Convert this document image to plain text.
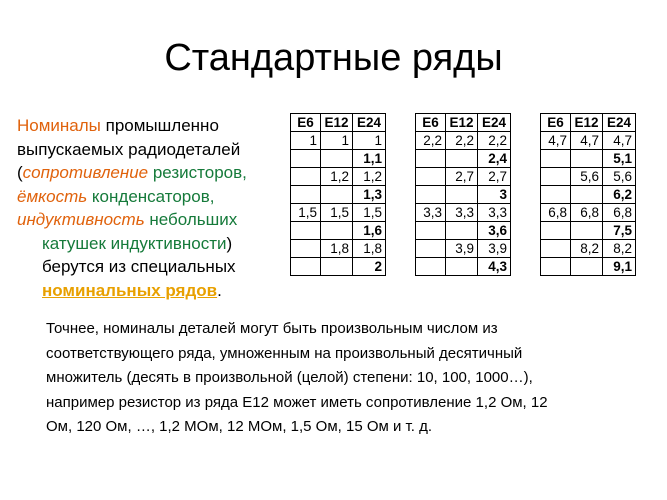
Стандартные ряды
Номиналы промышленно
выпускаемых радиодеталей
(сопротивление резисторов,
ёмкость конденсаторов,
индуктивность небольших
катушек индуктивности)
берутся из специальных
номинальных рядов.
E6	E12	E24
1	1	1
		1,1
	1,2	1,2
		1,3
1,5	1,5	1,5
		1,6
	1,8	1,8
		2
E6	E12	E24
2,2	2,2	2,2
		2,4
	2,7	2,7
		3
3,3	3,3	3,3
		3,6
	3,9	3,9
		4,3
E6	E12	E24
4,7	4,7	4,7
		5,1
	5,6	5,6
		6,2
6,8	6,8	6,8
		7,5
	8,2	8,2
		9,1
Точнее, номиналы деталей могут быть произвольным числом из
соответствующего ряда, умноженным на произвольный десятичный
множитель (десять в произвольной (целой) степени: 10, 100, 1000…),
например резистор из ряда E12 может иметь сопротивление 1,2 Ом, 12
Ом, 120 Ом, …, 1,2 МОм, 12 МОм, 1,5 Ом, 15 Ом и т. д.
